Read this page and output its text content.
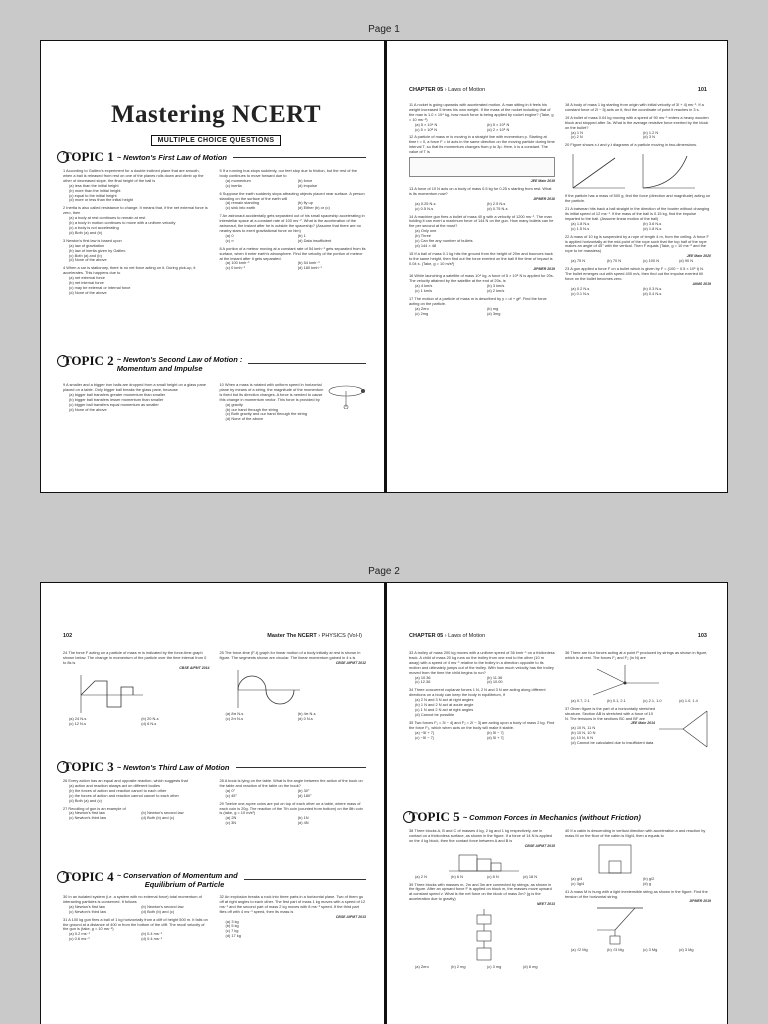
Page 1
Mastering NCERT
MULTIPLE CHOICE QUESTIONS
TOPIC 1 ~ Newton's First Law of Motion
1 According to Galileo's experiment for a double inclined plane that are smooth, when a ball is released from rest on one of the planes rolls down and climb up the other of decreased slope, the final height of the ball is
(a) less than the initial height
(b) more than the initial height
(c) equal to the initial height
(d) more or less than the initial height
2 Inertia is also called resistance to change. It means that, if the net external force is zero, then
(a) a body at rest continues to remain at rest
(b) a body in motion continues to move with a uniform velocity
(c) a body is not accelerating
(d) Both (a) and (b)
3 Newton's first law is based upon
(a) law of gravitation
(b) law of inertia given by Galileo
(c) Both (a) and (b)
(d) None of the above
4 When a car is stationary, there is no net force acting on it. During pick-up, it accelerates. This happens due to
(a) net external force
(b) net internal force
(c) may be external or internal force
(d) None of the above
5 If a running bus stops suddenly, our feet stop due to friction, but the rest of the body continues to move forward due to
(a) momentum	(b) force
(c) inertia	(d) impulse
6 Suppose the earth suddenly stops attracting objects placed near surface. A person standing on the surface of the earth will
(a) remain standing	(b) fly up
(c) sink into earth	(d) Either (b) or (c)
7 An astronaut accidentally gets separated out of his small spaceship accelerating in interstellar space at a constant rate of 100 ms⁻². What is the acceleration of the astronaut, the instant after he is outside the spaceship? (Assume that there are no nearby stars to exert gravitational force on him)
(a) 0	(b) 1
(c) ∞	(d) Data insufficient
8 A portion of a meteor moving at a constant rate of 54 kmh⁻¹ gets separated from its surface, when it enter earth's atmosphere. Find the velocity of the portion of meteor at the instant after it gets separated.
(a) 100 kmh⁻¹	(b) 54 kmh⁻¹
(c) 0 kmh⁻¹	(d) 180 kmh⁻¹
TOPIC 2 ~ Newton's Second Law of Motion :
Momentum and Impulse
9 A smaller and a bigger iron balls are dropped from a small height on a glass pane placed on a table. Only bigger ball breaks the glass pane, because
(a) bigger ball transfers greater momentum than smaller
(b) bigger ball transfers lesser momentum than smaller
(c) bigger ball transfers equal momentum as smaller
(d) None of the above
10 When a mass is rotated with uniform speed in horizontal plane by means of a string, the magnitude of the momentum is fixed but its direction changes. A force is needed to cause this change in momentum vector. This force is provided by
(a) gravity
(b) our hand through the string
(c) Both gravity and our hand through the string
(d) None of the above
CHAPTER 05 › Laws of Motion	101
11 A rocket is going upwards with accelerated motion. A man sitting in it feels his weight increased 5 times his own weight. If the mass of the rocket including that of the man is 1.0 × 10⁴ kg, how much force is being applied by rocket engine? (Take, g = 10 ms⁻²)
(a) 5 × 10⁴ N	(b) 5 × 10⁵ N
(c) 5 × 10⁸ N	(d) 2 × 10⁵ N
12 A particle of mass m is moving in a straight line with momentum p. Starting at time t = 0, a force F = kt acts in the same direction on the moving particle during time interval T, so that its momentum changes from p to 3p. Here, k is a constant. The value of T is
JEE Main 2019
13 A force of 10 N acts on a body of mass 0.5 kg for 0.25 s starting from rest. What is its momentum now?
JIPMER 2018
(a) 0.25 N-s	(b) 2.5 N-s
(c) 0.5 N-s	(d) 0.75 N-s
14 A machine gun fires a bullet of mass 40 g with a velocity of 1200 ms⁻¹. The man holding it can exert a maximum force of 144 N on the gun. How many bullets can he fire per second at the most?
(a) Only one
(b) Three
(c) Can fire any number of bullets
(d) 144 × 48
15 If a ball of mass 0.1 kg hits the ground from the height of 20m and bounces back to the same height, then find out the force exerted on the ball if the time of impact is 0.04 s. (Take, g = 10 m/s²)
JIPMER 2019
16 While launching a satellite of mass 10⁴ kg, a force of 5 × 10⁵ N is applied for 20s. The velocity attained by the satellite at the end of 20s, is
(a) 4 km/s	(b) 3 km/s
(c) 1 km/s	(d) 2 km/s
17 The motion of a particle of mass m is described by y = ut + gt². Find the force acting on the particle.
(a) Zero	(b) mg
(c) 2mg	(d) 3mg
18 A body of mass 1 kg starting from origin with initial velocity of 3î + 4ĵ ms⁻¹. If a constant force of 2î − 5ĵ acts on it, find the coordinate of point it reaches in 3 s.
19 A bullet of mass 0.04 kg moving with a speed of 90 ms⁻¹ enters a heavy wooden block and stopped after 3s. What is the average resistive force exerted by the block on the bullet?
(a) 1 N	(b) 1.2 N
(c) 2 N	(d) 3 N
20 Figure shows x-t and y-t diagrams of a particle moving in two-dimensions.
If the particle has a mass of 500 g, find the force (direction and magnitude) acting on the particle.
21 A batsman hits back a ball straight in the direction of the bowler without changing its initial speed of 12 ms⁻¹. If the mass of the ball is 0.15 kg, find the impulse imparted to the ball. (Assume linear motion of the ball)
(a) 1.8 N-s	(b) 3.6 N-s
(c) 1.5 N-s	(d) 1.8 N-s
22 A mass of 10 kg is suspended by a rope of length 4 m, from the ceiling. A force F is applied horizontally at the mid-point of the rope such that the top half of the rope makes an angle of 45° with the vertical. Then F equals (Take, g = 10 ms⁻² and the rope to be massless)
JEE Main 2020
(a) 75 N	(b) 70 N	(c) 100 N	(d) 90 N
23 A gun applied a force F on a bullet which is given by F = (100 − 0.5 × 10⁵ t) N. The bullet emerges out with speed 400 m/s, then find out the impulse exerted till force on the bullet becomes zero.
AIIMS 2019
(a) 0.2 N-s	(b) 0.3 N-s
(c) 0.1 N-s	(d) 0.4 N-s
Page 2
102	Master The NCERT › PHYSICS (Vol-I)
24 The force F acting on a particle of mass m is indicated by the force-time graph shown below. The change in momentum of the particle over the time interval from 0 to 8s is
CBSE AIPMT 2014
(a) 24 N-s	(b) 20 N-s
(c) 12 N-s	(d) 6 N-s
25 The force-time (F-t) graph for linear motion of a body initially at rest is shown in figure. The segments shown are circular. The linear momentum gained in 4 s is
CBSE AIPMT 2012
(a) 8π N-s	(b) 4π N-s
(c) 2π N-s	(d) 0 N-s
TOPIC 3 ~ Newton's Third Law of Motion
26 Every action has an equal and opposite reaction, which suggests that
(a) action and reaction always act on different bodies
(b) the forces of action and reaction cancel to each other
(c) the forces of action and reaction cannot cancel to each other
(d) Both (a) and (c)
27 Recoiling of gun is an example of
(a) Newton's first law	(b) Newton's second law
(c) Newton's third law	(d) Both (b) and (c)
28 A book is lying on the table. What is the angle between the action of the book on the table and reaction of the table on the book?
(a) 0°	(b) 30°
(c) 45°	(d) 180°
29 Twelve one-rupee coins are put on top of each other on a table, where mass of each coin is 20g. The reaction of the 7th coin (counted from bottom) on the 8th coin is (take, g = 10 m/s²)
(a) 2N	(b) 1N
(c) 3N	(d) 4N
TOPIC 4 ~ Conservation of Momentum and
Equilibrium of Particle
30 In an isolated system (i.e. a system with no external force) total momentum of interacting particles is conserved. It follows
(a) Newton's first law	(b) Newton's second law
(c) Newton's third law	(d) Both (b) and (c)
31 A 100 kg gun fires a ball of 1 kg horizontally from a cliff of height 500 m. It falls on the ground at a distance of 400 m from the bottom of the cliff. The recoil velocity of the gun is (take, g = 10 ms⁻²)
(a) 0.2 ms⁻¹	(b) 0.4 ms⁻¹
(c) 0.6 ms⁻¹	(d) 0.4 ms⁻¹
32 An explosion breaks a rock into three parts in a horizontal plane. Two of them go off at right angles to each other. The first part of mass 1 kg moves with a speed of 12 ms⁻¹ and the second part of mass 2 kg moves with 8 ms⁻¹ speed. If the third part flies off with 4 ms⁻¹ speed, then its mass is
CBSE AIPMT 2013
(a) 3 kg
(b) 5 kg
(c) 7 kg
(d) 17 kg
CHAPTER 05 › Laws of Motion	103
33 A trolley of mass 200 kg moves with a uniform speed of 36 kmh⁻¹ on a frictionless track. A child of mass 20 kg runs on the trolley from one end to the other (10 m away) with a speed of 4 ms⁻¹ relative to the trolley in a direction opposite to its motion and ultimately jumps out of the trolley. With how much velocity has the trolley moved from the time the child begins to run?
(a) 10.36	(b) 11.36
(c) 12.36	(d) 10.00
34 Three concurrent coplanar forces 1 N, 2 N and 3 N are acting along different directions on a body can keep the body in equilibrium, if
(a) 2 N and 3 N act at right angles
(b) 1 N and 2 N act at acute angle
(c) 1 N and 2 N act at right angles
(d) Cannot be possible
35 Two forces F₁ = 3î − 4ĵ and F₂ = 2î − 3ĵ are acting upon a body of mass 2 kg. Find the force F₃, which when acts on the body will make it stable.
(a) −5î + 7ĵ	(b) 5î − 7ĵ
(c) −5î − 7ĵ	(d) 5î + 7ĵ
36 There are four forces acting at a point P produced by strings as shown in figure, which is at rest. The forces F₁ and F₂ (in N) are
(a) 0.7, 2.1	(b) 0.1, 2.1	(c) 2.1, 1.0	(d) 1.0, 1.4
37 Given figure is the part of a horizontally stretched structure. Section AB is stretched with a force of 10 N. The tensions in the sections BC and BF are
JEE Main 2014
(a) 10 N, 11 N
(b) 10 N, 10 N
(c) 10 N, 6 N
(d) Cannot be calculated due to insufficient data
TOPIC 5 ~ Common Forces in Mechanics (without Friction)
38 Three blocks A, B and C of masses 4 kg, 2 kg and 1 kg respectively, are in contact on a frictionless surface, as shown in the figure. If a force of 14 N is applied on the 4 kg block, then the contact force between A and B is
CBSE AIPMT 2015
(a) 2 N	(b) 6 N	(c) 8 N	(d) 18 N
39 Three blocks with masses m, 2m and 3m are connected by strings, as shown in the figure. After an upward force F is applied on block m, the masses move upward at constant speed v. What is the net force on the block of mass 2m? (g is the acceleration due to gravity)
NEET 2013
(a) Zero	(b) 2 mg	(c) 3 mg	(d) 6 mg
40 If a cabin is descending in vertical direction with acceleration a and reaction by mass M on the floor of the cabin is Mg/4, then a equals to
(a) g/4	(b) g/2
(c) 3g/4	(d) g
41 A mass M is hung with a light inextensible string as shown in the figure. Find the tension of the horizontal string.
JIPMER 2019
(a) √2 Mg	(b) √3 Mg	(c) 3 Mg	(d) 3 Mg
